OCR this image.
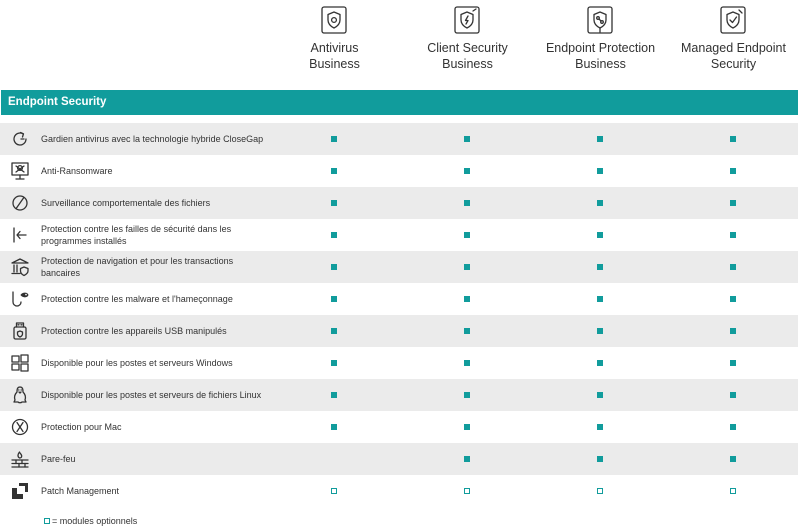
Antivirus
Business
Client Security
Business
Endpoint Protection
Business
Managed Endpoint
Security
Endpoint Security
Gardien antivirus avec la technologie hybride CloseGap
Anti-Ransomware
Surveillance comportementale des fichiers
Protection contre les failles de sécurité dans les programmes installés
Protection de navigation et pour les transactions bancaires
Protection contre les malware et l'hameçonnage
Protection contre les appareils USB manipulés
Disponible pour les postes et serveurs Windows
Disponible pour les postes et serveurs de fichiers Linux
Protection pour Mac
Pare-feu
Patch Management
= modules optionnels
